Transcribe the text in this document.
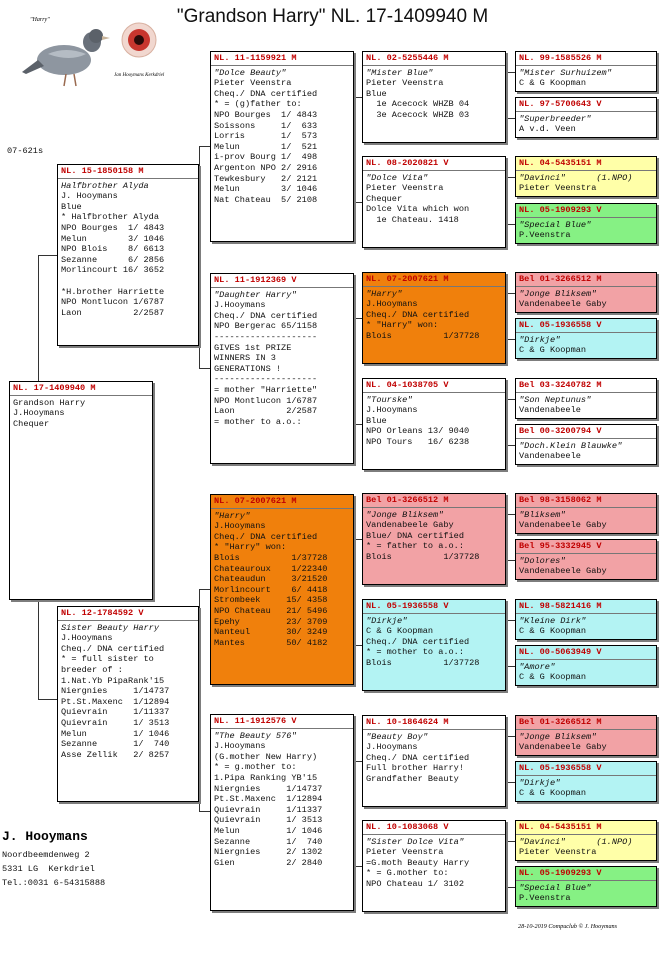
"Grandson Harry" NL. 17-1409940 M
"Harry"
Jan Hooymans Kerkdriel
07-621s
NL. 17-1409940 M
Grandson Harry
J.Hooymans
Chequer
NL. 15-1850158 M
Halfbrother Alyda
J. Hooymans
Blue
* Halfbrother Alyda
NPO Bourges  1/ 4843
Melun        3/ 1046
NPO Blois    8/ 6613
Sezanne      6/ 2856
Morlincourt 16/ 3652
*H.brother Harriette
NPO Montlucon 1/6787
Laon          2/2587
NL. 12-1784592 V
Sister Beauty Harry
J.Hooymans
Cheq./ DNA certified
* = full sister to
breeder of :
1.Nat.Yb PipaRank'15
Niergnies     1/14737
Pt.St.Maxenc  1/12894
Quievrain     1/11337
Quievrain     1/ 3513
Melun         1/ 1046
Sezanne       1/  740
Asse Zellik   2/ 8257
NL. 11-1159921 M
"Dolce Beauty"
Pieter Veenstra
Cheq./ DNA certified
* = (g)father to:
NPO Bourges  1/ 4843
Soissons     1/  633
Lorris       1/  573
Melun        1/  521
i-prov Bourg 1/  498
Argenton NPO 2/ 2916
Tewkesbury   2/ 2121
Melun        3/ 1046
Nat Chateau  5/ 2108
NL. 11-1912369 V
"Daughter Harry"
J.Hooymans
Cheq./ DNA certified
NPO Bergerac 65/1158
--------------------
GIVES 1st PRIZE
WINNERS IN 3
GENERATIONS !
--------------------
= mother "Harriette"
NPO Montlucon 1/6787
Laon          2/2587
= mother to a.o.:
NL. 07-2007621 M
"Harry"
J.Hooymans
Cheq./ DNA certified
* "Harry" won:
Blois          1/37728
Chateauroux    1/22340
Chateaudun     3/21520
Morlincourt    6/ 4418
Strombeek     15/ 4358
NPO Chateau   21/ 5496
Epehy         23/ 3709
Nanteul       30/ 3249
Mantes        50/ 4182
NL. 11-1912576 V
"The Beauty 576"
J.Hooymans
(G.mother New Harry)
* = g.mother to:
1.Pipa Ranking YB'15
Niergnies     1/14737
Pt.St.Maxenc  1/12894
Quievrain     1/11337
Quievrain     1/ 3513
Melun         1/ 1046
Sezanne       1/  740
Niergnies     2/ 1302
Gien          2/ 2840
NL. 02-5255446 M
"Mister Blue"
Pieter Veenstra
Blue
1e Acecock WHZB 04
3e Acecock WHZB 03
NL. 08-2020821 V
"Dolce Vita"
Pieter Veenstra
Chequer
Dolce Vita which won
1e Chateau. 1418
NL. 07-2007621 M
"Harry"
J.Hooymans
Cheq./ DNA certified
* "Harry" won:
Blois          1/37728
NL. 04-1038705 V
"Tourske"
J.Hooymans
Blue
NPO Orleans 13/ 9040
NPO Tours   16/ 6238
Bel 01-3266512 M
"Jonge Bliksem"
Vandenabeele Gaby
Blue/ DNA certified
* = father to a.o.:
Blois          1/37728
NL. 05-1936558 V
"Dirkje"
C & G Koopman
Cheq./ DNA certified
* = mother to a.o.:
Blois          1/37728
NL. 10-1864624 M
"Beauty Boy"
J.Hooymans
Cheq./ DNA certified
Full brother Harry!
Grandfather Beauty
NL. 10-1083068 V
"Sister Dolce Vita"
Pieter Veenstra
=G.moth Beauty Harry
* = G.mother to:
NPO Chateau 1/ 3102
NL. 99-1585526 M
"Mister Surhuizem"
C & G Koopman
NL. 97-5700643 V
"Superbreeder"
A v.d. Veen
NL. 04-5435151 M
"Davinci"      (1.NPO)
Pieter Veenstra
NL. 05-1909293 V
"Special Blue"
P.Veenstra
Bel 01-3266512 M
"Jonge Bliksem"
Vandenabeele Gaby
NL. 05-1936558 V
"Dirkje"
C & G Koopman
Bel 03-3240782 M
"Son Neptunus"
Vandenabeele
Bel 00-3200794 V
"Doch.Klein Blauwke"
Vandenabeele
Bel 98-3158062 M
"Bliksem"
Vandenabeele Gaby
Bel 95-3332945 V
"Dolores"
Vandenabeele Gaby
NL. 98-5821416 M
"Kleine Dirk"
C & G Koopman
NL. 00-5063949 V
"Amore"
C & G Koopman
Bel 01-3266512 M
"Jonge Bliksem"
Vandenabeele Gaby
NL. 05-1936558 V
"Dirkje"
C & G Koopman
NL. 04-5435151 M
"Davinci"      (1.NPO)
Pieter Veenstra
NL. 05-1909293 V
"Special Blue"
P.Veenstra
J. Hooymans
Noordbeemdenweg 2
5331 LG  Kerkdriel
Tel.:0031 6-54315888
28-10-2019 Compuclub © J. Hooymans
